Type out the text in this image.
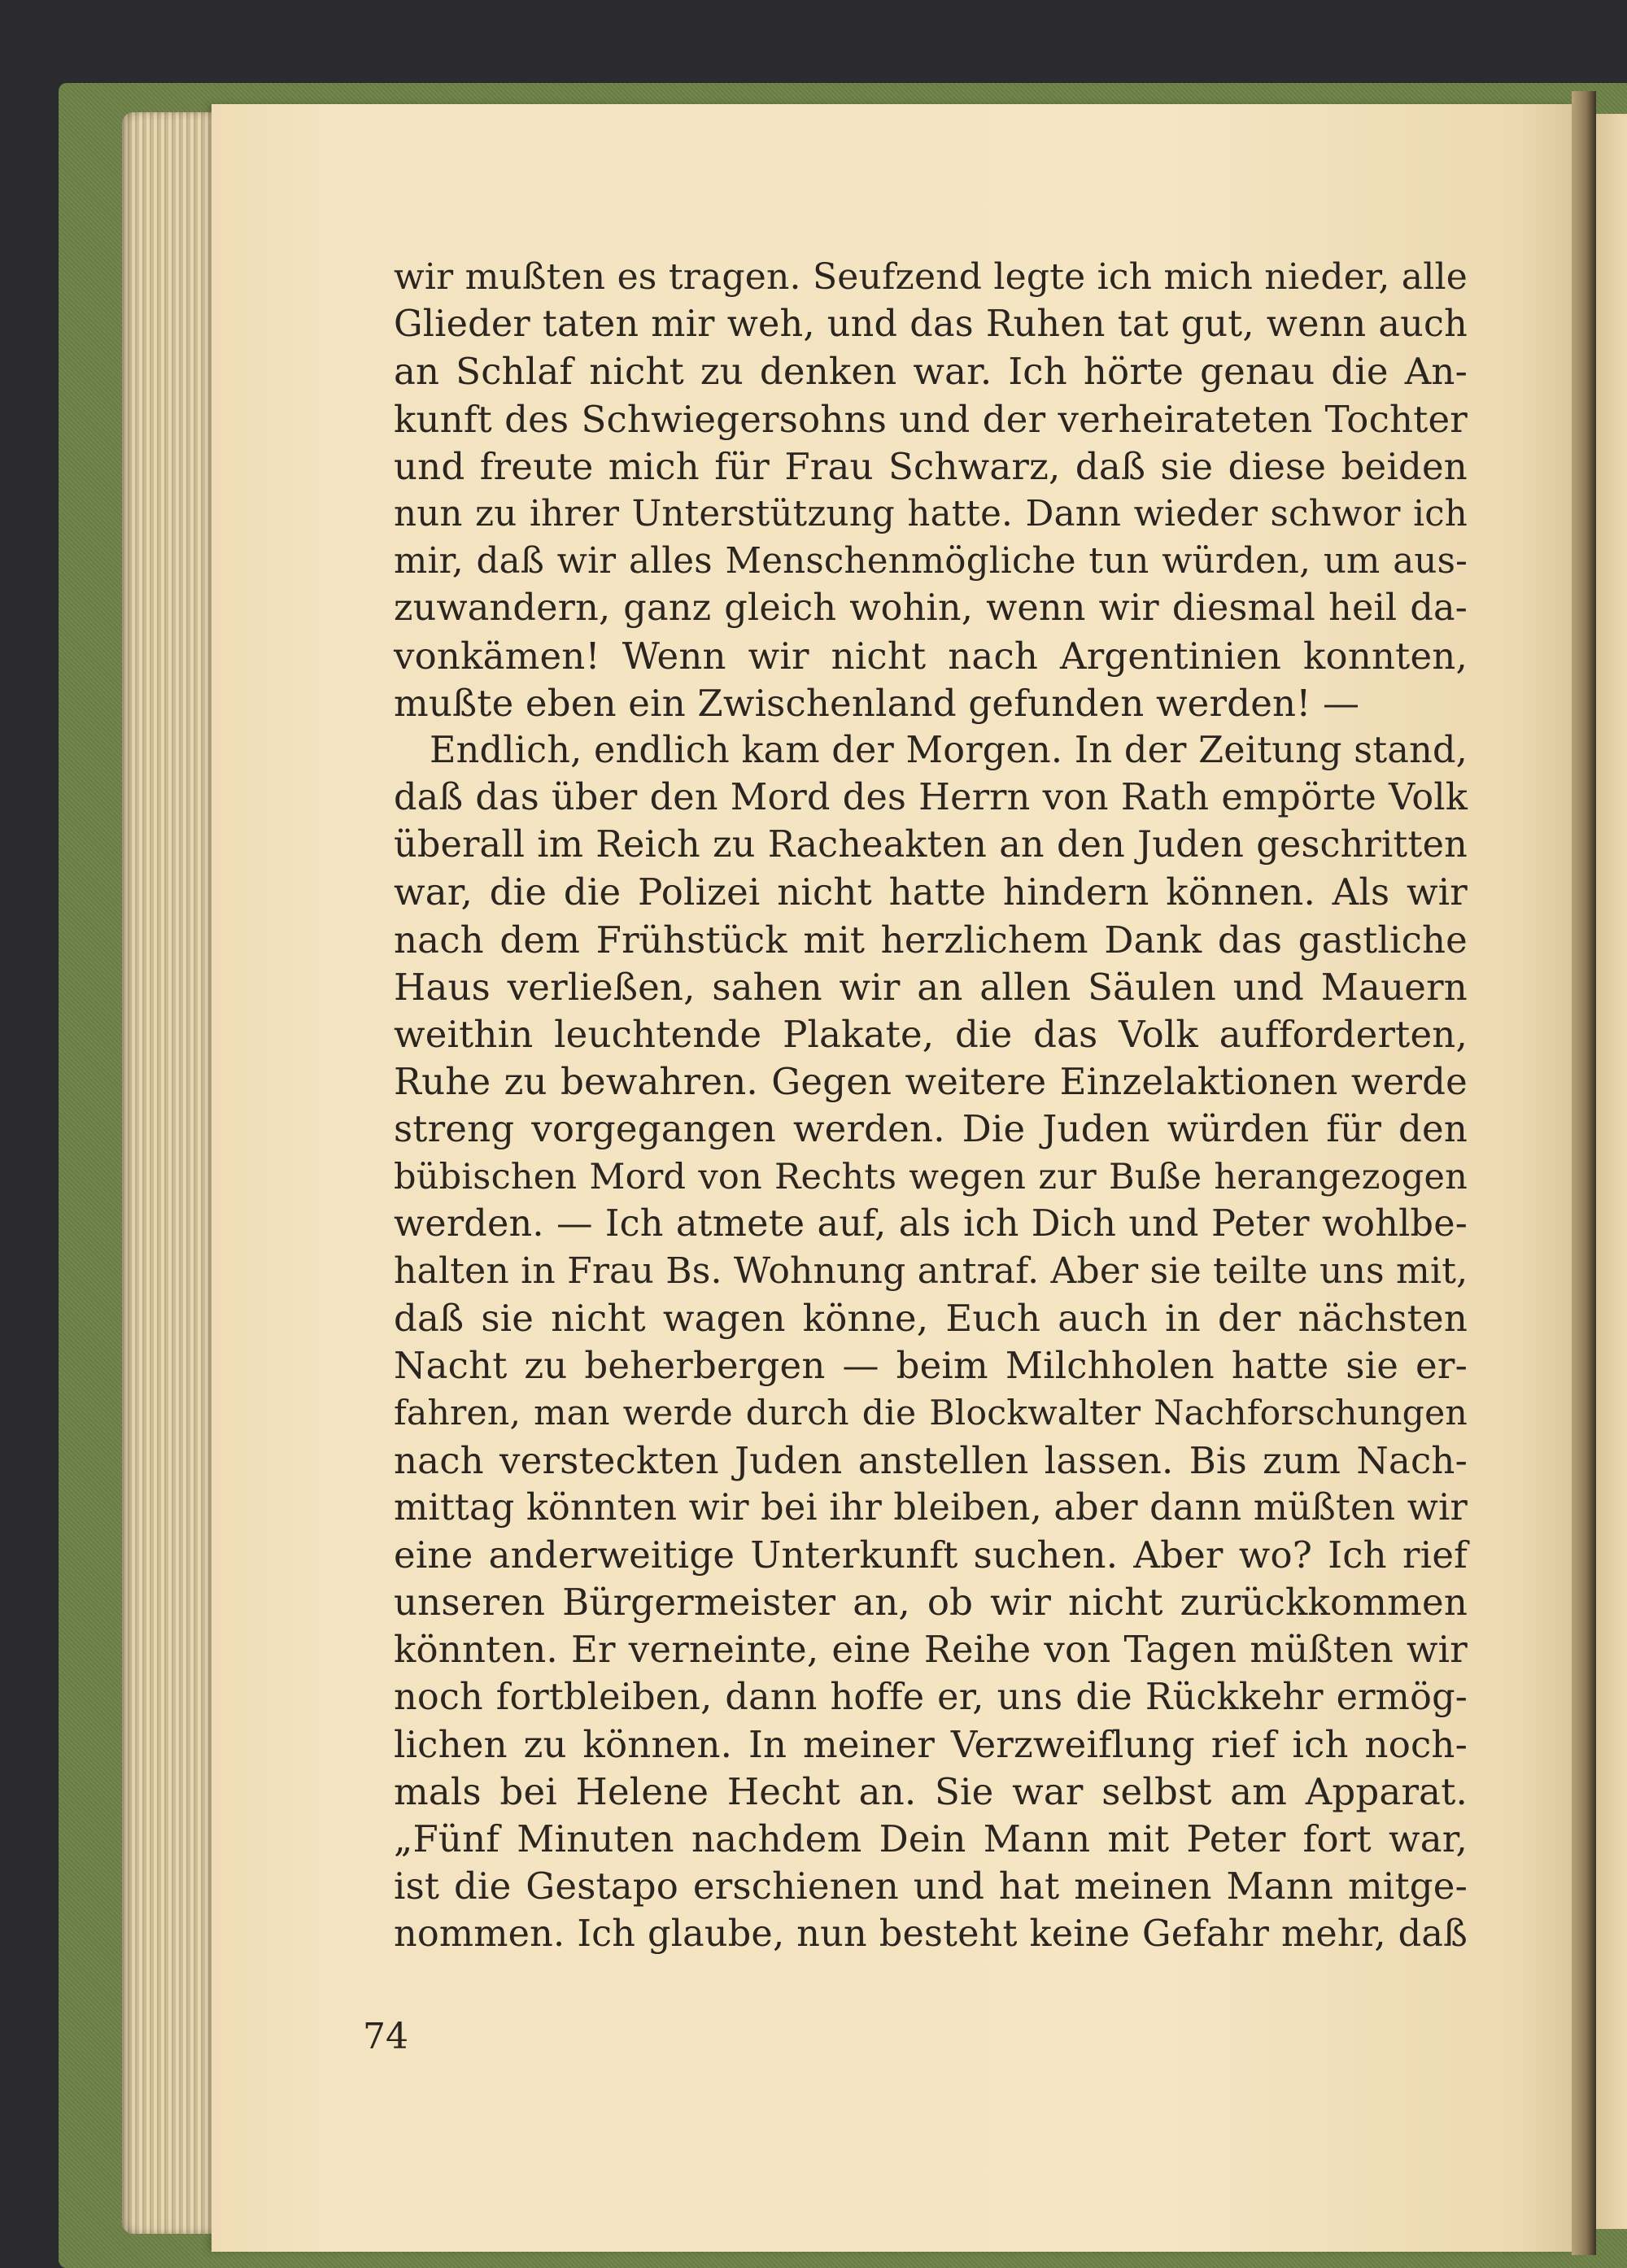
wir mußten es tragen. Seufzend legte ich mich nieder, alle
Glieder taten mir weh, und das Ruhen tat gut, wenn auch
an Schlaf nicht zu denken war. Ich hörte genau die An-
kunft des Schwiegersohns und der verheirateten Tochter
und freute mich für Frau Schwarz, daß sie diese beiden
nun zu ihrer Unterstützung hatte. Dann wieder schwor ich
mir, daß wir alles Menschenmögliche tun würden, um aus-
zuwandern, ganz gleich wohin, wenn wir diesmal heil da-
vonkämen! Wenn wir nicht nach Argentinien konnten,
mußte eben ein Zwischenland gefunden werden! —
Endlich, endlich kam der Morgen. In der Zeitung stand,
daß das über den Mord des Herrn von Rath empörte Volk
überall im Reich zu Racheakten an den Juden geschritten
war, die die Polizei nicht hatte hindern können. Als wir
nach dem Frühstück mit herzlichem Dank das gastliche
Haus verließen, sahen wir an allen Säulen und Mauern
weithin leuchtende Plakate, die das Volk aufforderten,
Ruhe zu bewahren. Gegen weitere Einzelaktionen werde
streng vorgegangen werden. Die Juden würden für den
bübischen Mord von Rechts wegen zur Buße herangezogen
werden. — Ich atmete auf, als ich Dich und Peter wohlbe-
halten in Frau Bs. Wohnung antraf. Aber sie teilte uns mit,
daß sie nicht wagen könne, Euch auch in der nächsten
Nacht zu beherbergen — beim Milchholen hatte sie er-
fahren, man werde durch die Blockwalter Nachforschungen
nach versteckten Juden anstellen lassen. Bis zum Nach-
mittag könnten wir bei ihr bleiben, aber dann müßten wir
eine anderweitige Unterkunft suchen. Aber wo? Ich rief
unseren Bürgermeister an, ob wir nicht zurückkommen
könnten. Er verneinte, eine Reihe von Tagen müßten wir
noch fortbleiben, dann hoffe er, uns die Rückkehr ermög-
lichen zu können. In meiner Verzweiflung rief ich noch-
mals bei Helene Hecht an. Sie war selbst am Apparat.
„Fünf Minuten nachdem Dein Mann mit Peter fort war,
ist die Gestapo erschienen und hat meinen Mann mitge-
nommen. Ich glaube, nun besteht keine Gefahr mehr, daß
74
